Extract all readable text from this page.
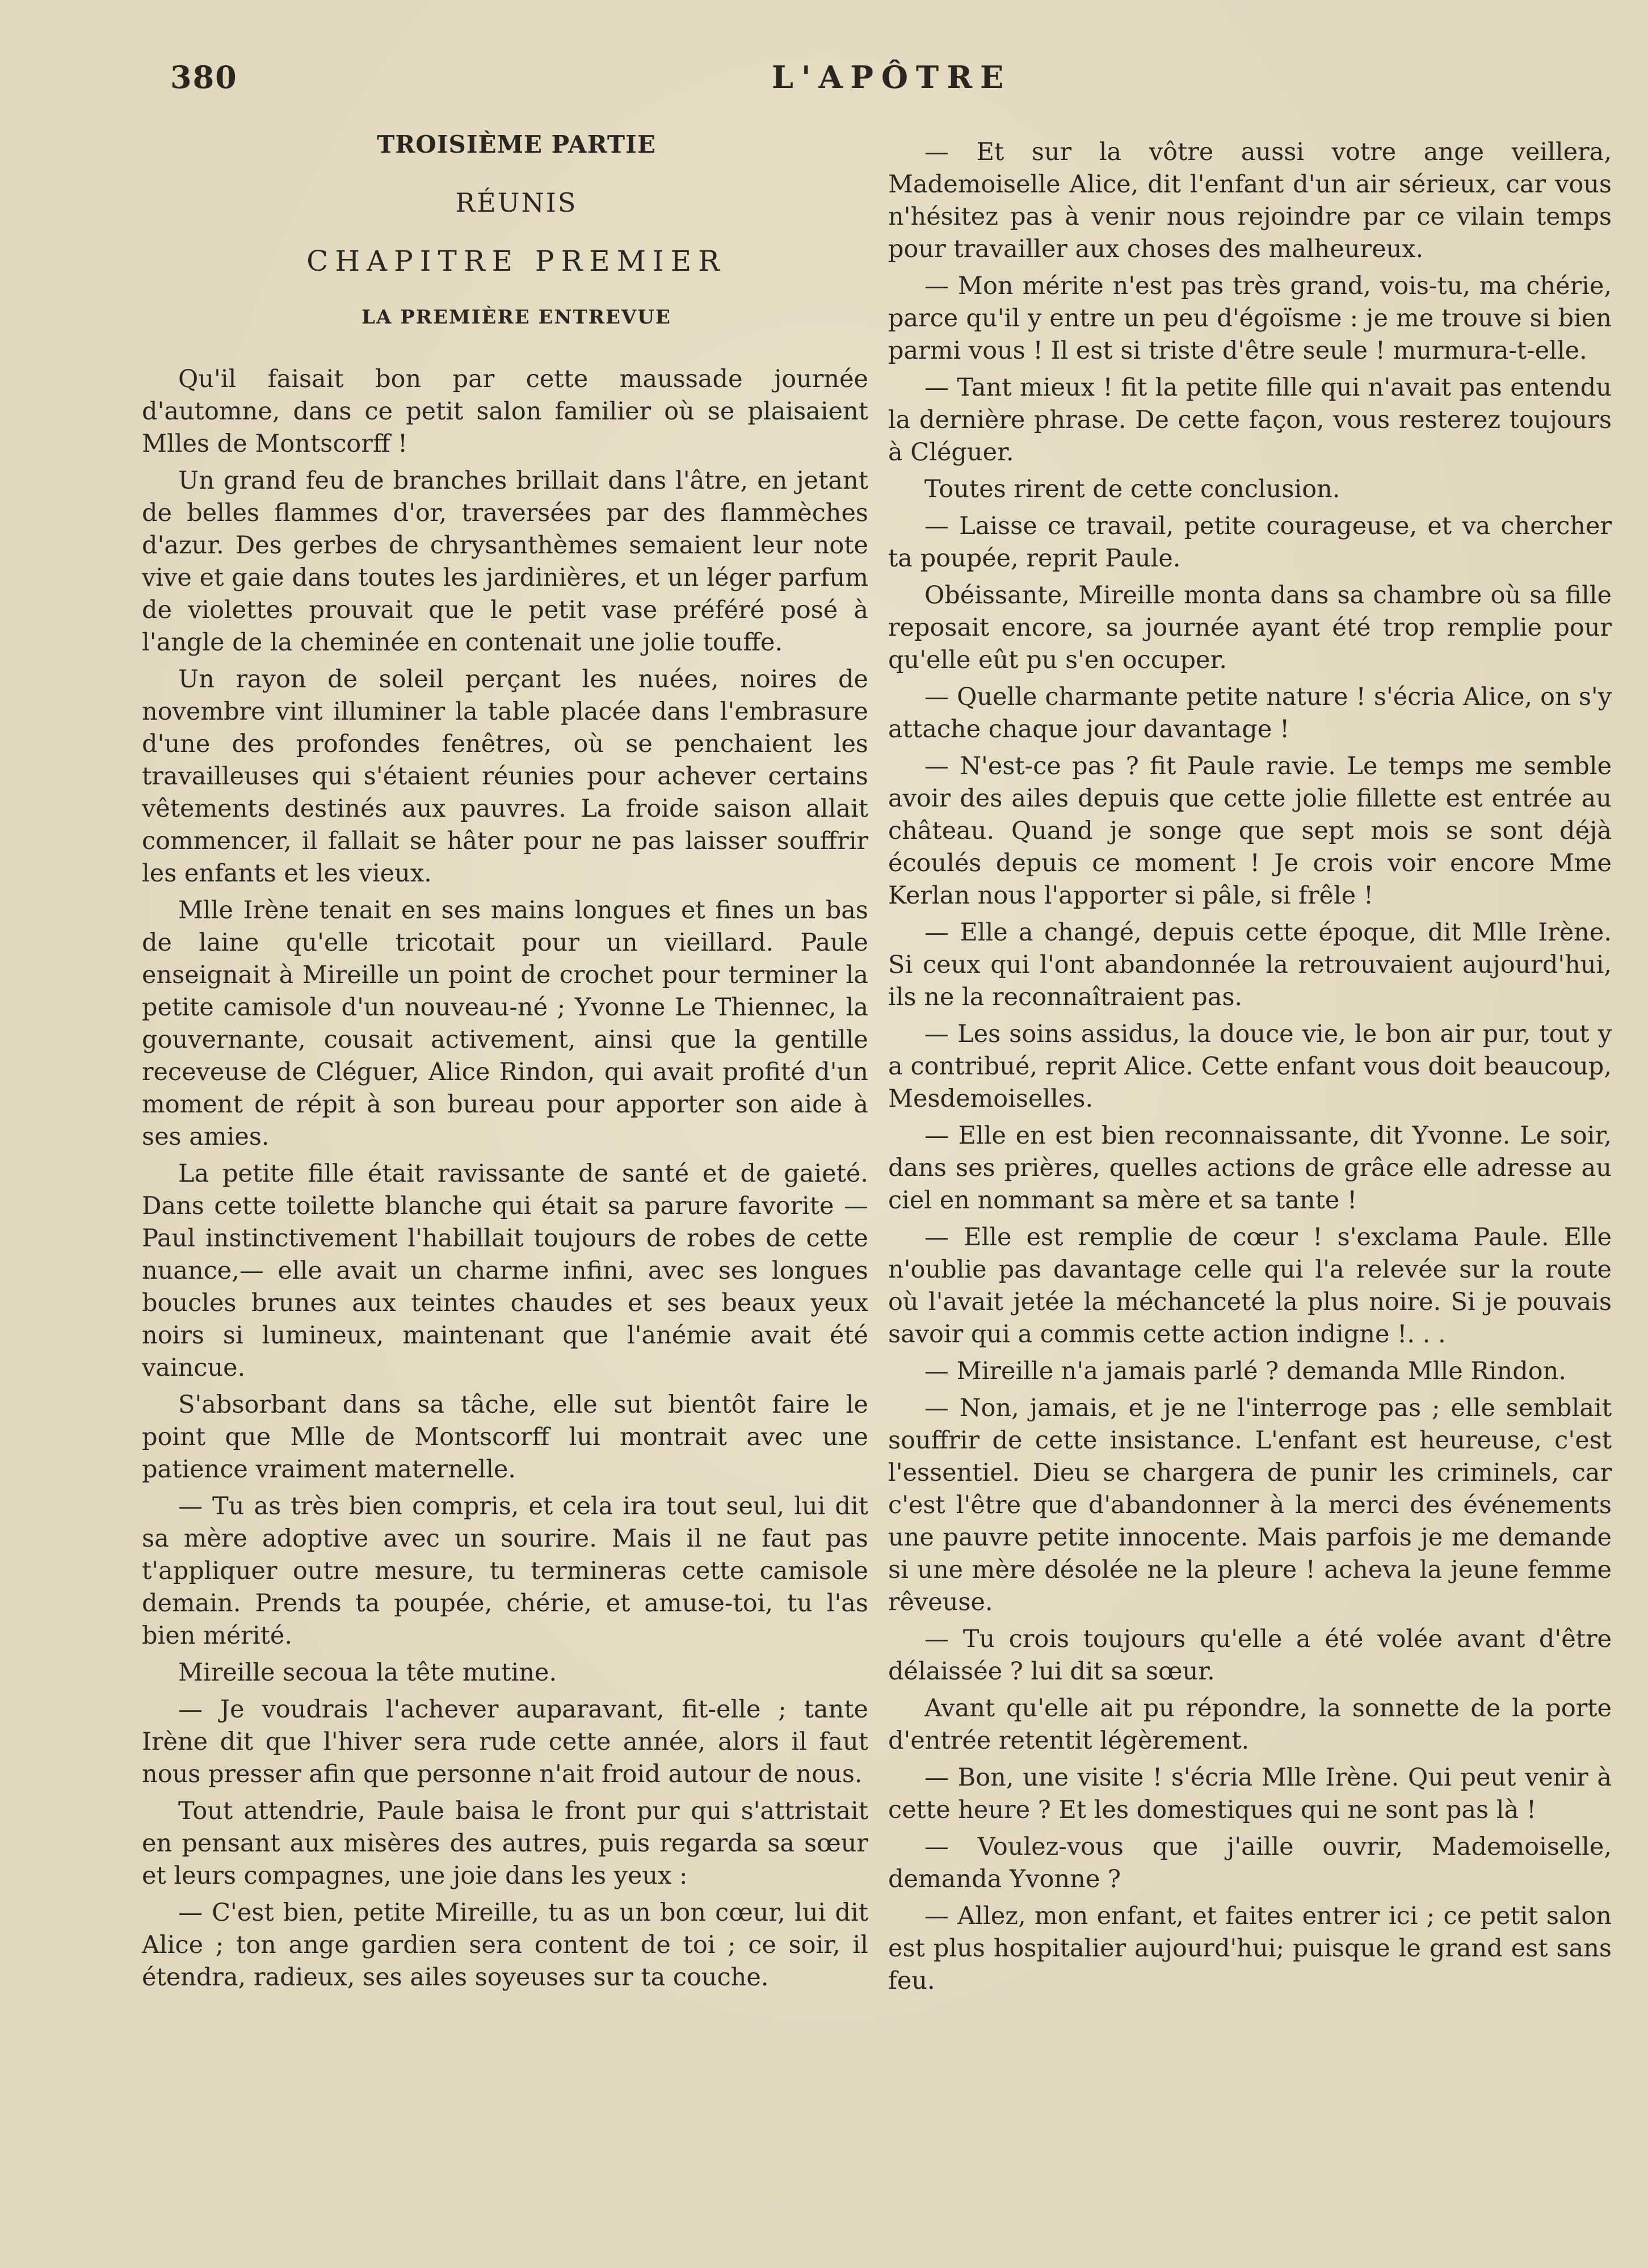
380	L'APÔTRE

TROISIÈME PARTIE

RÉUNIS

CHAPITRE PREMIER

LA PREMIÈRE ENTREVUE

Qu'il faisait bon par cette maussade journée d'automne, dans ce petit salon familier où se plaisaient Mlles de Montscorff !

Un grand feu de branches brillait dans l'âtre, en jetant de belles flammes d'or, traversées par des flammèches d'azur. Des gerbes de chrysanthèmes semaient leur note vive et gaie dans toutes les jardinières, et un léger parfum de violettes prouvait que le petit vase préféré posé à l'angle de la cheminée en contenait une jolie touffe.

Un rayon de soleil perçant les nuées, noires de novembre vint illuminer la table placée dans l'embrasure d'une des profondes fenêtres, où se penchaient les travailleuses qui s'étaient réunies pour achever certains vêtements destinés aux pauvres. La froide saison allait commencer, il fallait se hâter pour ne pas laisser souffrir les enfants et les vieux.

Mlle Irène tenait en ses mains longues et fines un bas de laine qu'elle tricotait pour un vieillard. Paule enseignait à Mireille un point de crochet pour terminer la petite camisole d'un nouveau-né ; Yvonne Le Thiennec, la gouvernante, cousait activement, ainsi que la gentille receveuse de Cléguer, Alice Rindon, qui avait profité d'un moment de répit à son bureau pour apporter son aide à ses amies.

La petite fille était ravissante de santé et de gaieté. Dans cette toilette blanche qui était sa parure favorite — Paul instinctivement l'habillait toujours de robes de cette nuance,— elle avait un charme infini, avec ses longues boucles brunes aux teintes chaudes et ses beaux yeux noirs si lumineux, maintenant que l'anémie avait été vaincue.

S'absorbant dans sa tâche, elle sut bientôt faire le point que Mlle de Montscorff lui montrait avec une patience vraiment maternelle.

— Tu as très bien compris, et cela ira tout seul, lui dit sa mère adoptive avec un sourire. Mais il ne faut pas t'appliquer outre mesure, tu termineras cette camisole demain. Prends ta poupée, chérie, et amuse-toi, tu l'as bien mérité.

Mireille secoua la tête mutine.

— Je voudrais l'achever auparavant, fit-elle ; tante Irène dit que l'hiver sera rude cette année, alors il faut nous presser afin que personne n'ait froid autour de nous.

Tout attendrie, Paule baisa le front pur qui s'attristait en pensant aux misères des autres, puis regarda sa sœur et leurs compagnes, une joie dans les yeux :

— C'est bien, petite Mireille, tu as un bon cœur, lui dit Alice ; ton ange gardien sera content de toi ; ce soir, il étendra, radieux, ses ailes soyeuses sur ta couche.

— Et sur la vôtre aussi votre ange veillera, Mademoiselle Alice, dit l'enfant d'un air sérieux, car vous n'hésitez pas à venir nous rejoindre par ce vilain temps pour travailler aux choses des malheureux.

— Mon mérite n'est pas très grand, vois-tu, ma chérie, parce qu'il y entre un peu d'égoïsme : je me trouve si bien parmi vous ! Il est si triste d'être seule ! murmura-t-elle.

— Tant mieux ! fit la petite fille qui n'avait pas entendu la dernière phrase. De cette façon, vous resterez toujours à Cléguer.

Toutes rirent de cette conclusion.

— Laisse ce travail, petite courageuse, et va chercher ta poupée, reprit Paule.

Obéissante, Mireille monta dans sa chambre où sa fille reposait encore, sa journée ayant été trop remplie pour qu'elle eût pu s'en occuper.

— Quelle charmante petite nature ! s'écria Alice, on s'y attache chaque jour davantage !

— N'est-ce pas ? fit Paule ravie. Le temps me semble avoir des ailes depuis que cette jolie fillette est entrée au château. Quand je songe que sept mois se sont déjà écoulés depuis ce moment ! Je crois voir encore Mme Kerlan nous l'apporter si pâle, si frêle !

— Elle a changé, depuis cette époque, dit Mlle Irène. Si ceux qui l'ont abandonnée la retrouvaient aujourd'hui, ils ne la reconnaîtraient pas.

— Les soins assidus, la douce vie, le bon air pur, tout y a contribué, reprit Alice. Cette enfant vous doit beaucoup, Mesdemoiselles.

— Elle en est bien reconnaissante, dit Yvonne. Le soir, dans ses prières, quelles actions de grâce elle adresse au ciel en nommant sa mère et sa tante !

— Elle est remplie de cœur ! s'exclama Paule. Elle n'oublie pas davantage celle qui l'a relevée sur la route où l'avait jetée la méchanceté la plus noire. Si je pouvais savoir qui a commis cette action indigne !. . .

— Mireille n'a jamais parlé ? demanda Mlle Rindon.

— Non, jamais, et je ne l'interroge pas ; elle semblait souffrir de cette insistance. L'enfant est heureuse, c'est l'essentiel. Dieu se chargera de punir les criminels, car c'est l'être que d'abandonner à la merci des événements une pauvre petite innocente. Mais parfois je me demande si une mère désolée ne la pleure ! acheva la jeune femme rêveuse.

— Tu crois toujours qu'elle a été volée avant d'être délaissée ? lui dit sa sœur.

Avant qu'elle ait pu répondre, la sonnette de la porte d'entrée retentit légèrement.

— Bon, une visite ! s'écria Mlle Irène. Qui peut venir à cette heure ? Et les domestiques qui ne sont pas là !

— Voulez-vous que j'aille ouvrir, Mademoiselle, demanda Yvonne ?

— Allez, mon enfant, et faites entrer ici ; ce petit salon est plus hospitalier aujourd'hui; puisque le grand est sans feu.
